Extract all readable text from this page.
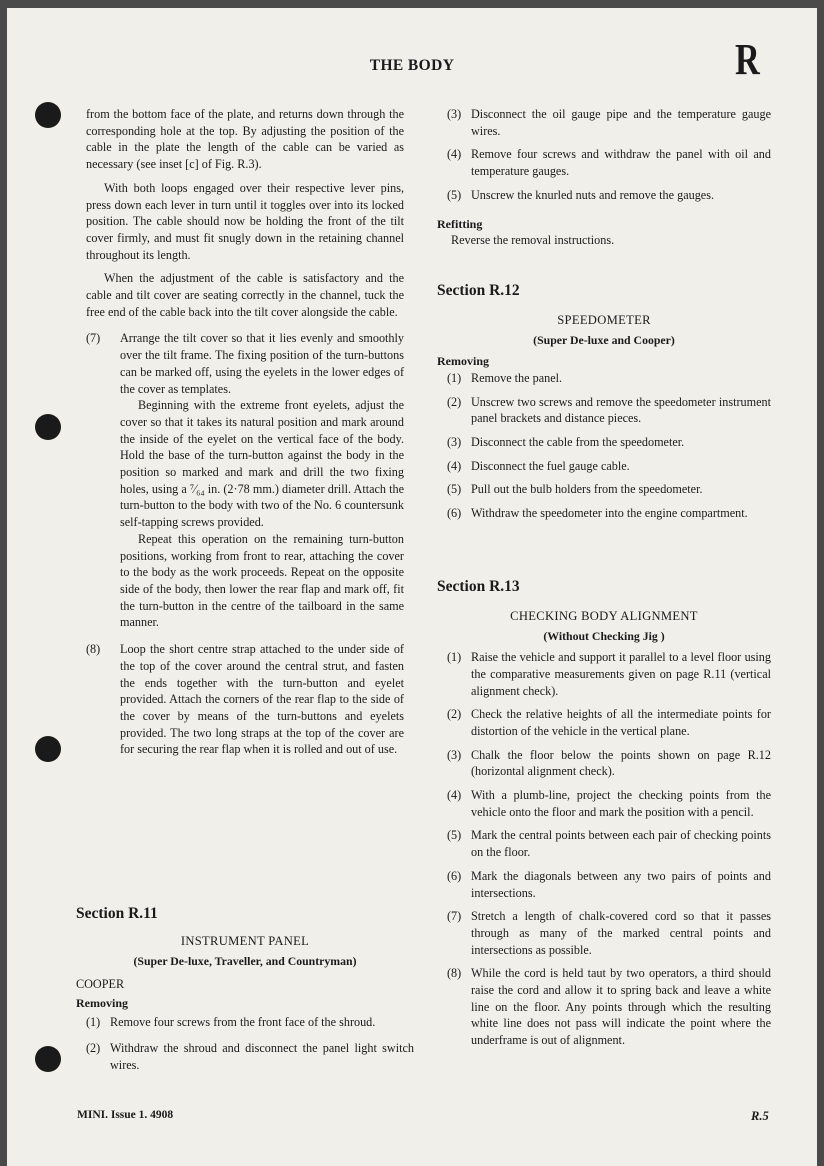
THE BODY	R

from the bottom face of the plate, and returns down through the corresponding hole at the top. By adjusting the position of the cable in the plate the length of the cable can be varied as necessary (see inset [c] of Fig. R.3).

With both loops engaged over their respective lever pins, press down each lever in turn until it toggles over into its locked position. The cable should now be holding the front of the tilt cover firmly, and must fit snugly down in the retaining channel throughout its length.

When the adjustment of the cable is satisfactory and the cable and tilt cover are seating correctly in the channel, tuck the free end of the cable back into the tilt cover alongside the cable.

(7) Arrange the tilt cover so that it lies evenly and smoothly over the tilt frame. The fixing position of the turn-buttons can be marked off, using the eyelets in the lower edges of the cover as templates.

Beginning with the extreme front eyelets, adjust the cover so that it takes its natural position and mark around the inside of the eyelet on the vertical face of the body. Hold the base of the turn-button against the body in the position so marked and mark and drill the two fixing holes, using a ⁷⁄₆₄ in. (2·78 mm.) diameter drill. Attach the turn-button to the body with two of the No. 6 countersunk self-tapping screws provided.

Repeat this operation on the remaining turn-button positions, working from front to rear, attaching the cover to the body as the work proceeds. Repeat on the opposite side of the body, then lower the rear flap and mark off, fit the turn-button in the centre of the tailboard in the same manner.

(8) Loop the short centre strap attached to the under side of the top of the cover around the central strut, and fasten the ends together with the turn-button and eyelet provided. Attach the corners of the rear flap to the side of the cover by means of the turn-buttons and eyelets provided. The two long straps at the top of the cover are for securing the rear flap when it is rolled and out of use.

Section R.11

INSTRUMENT PANEL

(Super De-luxe, Traveller, and Countryman)

COOPER

Removing

(1) Remove four screws from the front face of the shroud.

(2) Withdraw the shroud and disconnect the panel light switch wires.

(3) Disconnect the oil gauge pipe and the temperature gauge wires.

(4) Remove four screws and withdraw the panel with oil and temperature gauges.

(5) Unscrew the knurled nuts and remove the gauges.

Refitting

Reverse the removal instructions.

Section R.12

SPEEDOMETER

(Super De-luxe and Cooper)

Removing

(1) Remove the panel.

(2) Unscrew two screws and remove the speedometer instrument panel brackets and distance pieces.

(3) Disconnect the cable from the speedometer.

(4) Disconnect the fuel gauge cable.

(5) Pull out the bulb holders from the speedometer.

(6) Withdraw the speedometer into the engine compartment.

Section R.13

CHECKING BODY ALIGNMENT

(Without Checking Jig )

(1) Raise the vehicle and support it parallel to a level floor using the comparative measurements given on page R.11 (vertical alignment check).

(2) Check the relative heights of all the intermediate points for distortion of the vehicle in the vertical plane.

(3) Chalk the floor below the points shown on page R.12 (horizontal alignment check).

(4) With a plumb-line, project the checking points from the vehicle onto the floor and mark the position with a pencil.

(5) Mark the central points between each pair of checking points on the floor.

(6) Mark the diagonals between any two pairs of points and intersections.

(7) Stretch a length of chalk-covered cord so that it passes through as many of the marked central points and intersections as possible.

(8) While the cord is held taut by two operators, a third should raise the cord and allow it to spring back and leave a white line on the floor. Any points through which the resulting white line does not pass will indicate the point where the underframe is out of alignment.

MINI. Issue 1. 4908	R.5
